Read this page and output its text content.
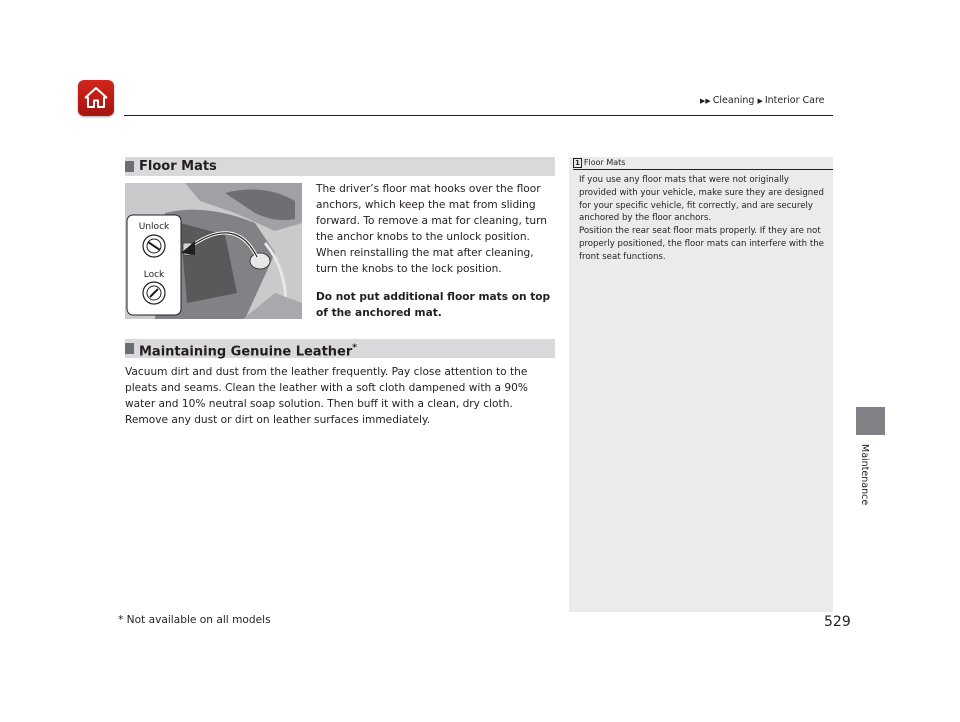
▶▶ Cleaning ▶ Interior Care
Floor Mats
Unlock
Lock
The driver’s floor mat hooks over the floor anchors, which keep the mat from sliding forward. To remove a mat for cleaning, turn the anchor knobs to the unlock position. When reinstalling the mat after cleaning, turn the knobs to the lock position.
Do not put additional floor mats on top of the anchored mat.
Maintaining Genuine Leather*
Vacuum dirt and dust from the leather frequently. Pay close attention to the pleats and seams. Clean the leather with a soft cloth dampened with a 90% water and 10% neutral soap solution. Then buff it with a clean, dry cloth. Remove any dust or dirt on leather surfaces immediately.
1 Floor Mats
If you use any floor mats that were not originally provided with your vehicle, make sure they are designed for your specific vehicle, fit correctly, and are securely anchored by the floor anchors.
Position the rear seat floor mats properly. If they are not properly positioned, the floor mats can interfere with the front seat functions.
* Not available on all models	529
Maintenance
